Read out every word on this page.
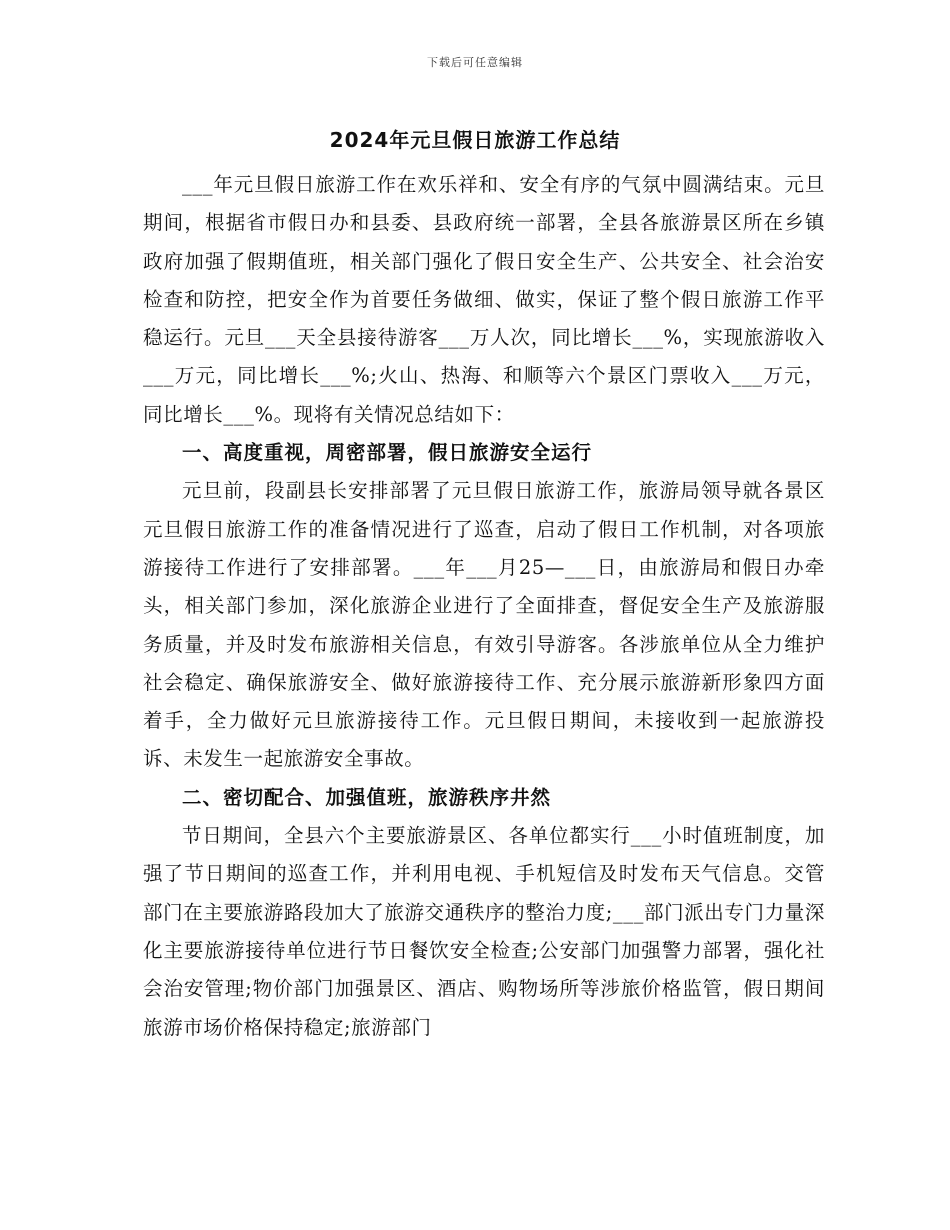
下载后可任意编辑
2024年元旦假日旅游工作总结

___年元旦假日旅游工作在欢乐祥和、安全有序的气氛中圆满结束。元旦期间，根据省市假日办和县委、县政府统一部署，全县各旅游景区所在乡镇政府加强了假期值班，相关部门强化了假日安全生产、公共安全、社会治安检查和防控，把安全作为首要任务做细、做实，保证了整个假日旅游工作平稳运行。元旦___天全县接待游客___万人次，同比增长___%，实现旅游收入___万元，同比增长___%;火山、热海、和顺等六个景区门票收入___万元，同比增长___%。现将有关情况总结如下：

一、高度重视，周密部署，假日旅游安全运行

元旦前，段副县长安排部署了元旦假日旅游工作，旅游局领导就各景区元旦假日旅游工作的准备情况进行了巡查，启动了假日工作机制，对各项旅游接待工作进行了安排部署。___年___月25—___日，由旅游局和假日办牵头，相关部门参加，深化旅游企业进行了全面排查，督促安全生产及旅游服务质量，并及时发布旅游相关信息，有效引导游客。各涉旅单位从全力维护社会稳定、确保旅游安全、做好旅游接待工作、充分展示旅游新形象四方面着手，全力做好元旦旅游接待工作。元旦假日期间，未接收到一起旅游投诉、未发生一起旅游安全事故。

二、密切配合、加强值班，旅游秩序井然

节日期间，全县六个主要旅游景区、各单位都实行___小时值班制度，加强了节日期间的巡查工作，并利用电视、手机短信及时发布天气信息。交管部门在主要旅游路段加大了旅游交通秩序的整治力度;___部门派出专门力量深化主要旅游接待单位进行节日餐饮安全检查;公安部门加强警力部署，强化社会治安管理;物价部门加强景区、酒店、购物场所等涉旅价格监管，假日期间旅游市场价格保持稳定;旅游部门
